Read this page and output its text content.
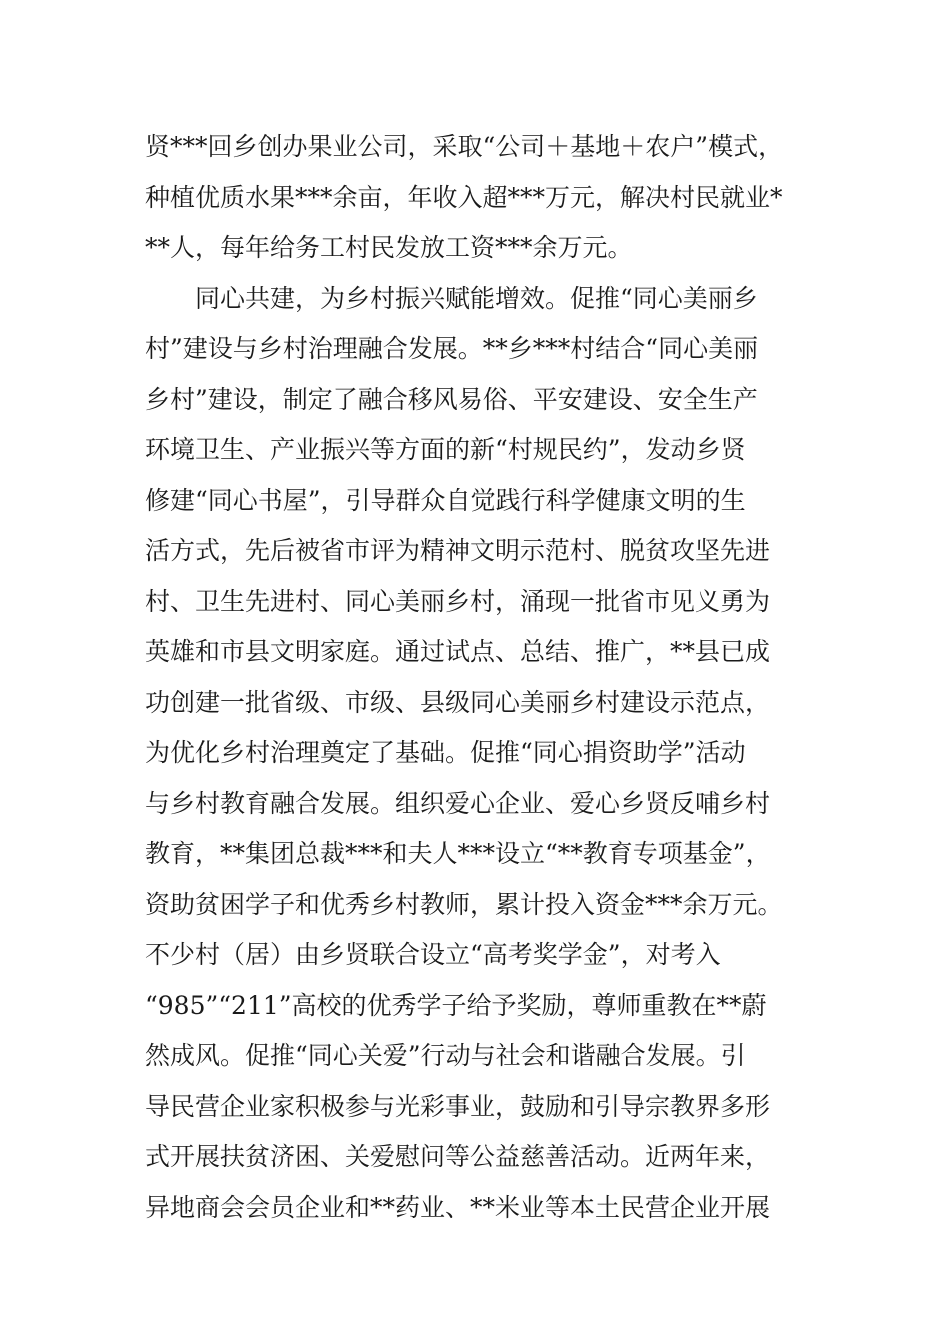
贤***回乡创办果业公司，采取“公司＋基地＋农户”模式，
种植优质水果***余亩，年收入超***万元，解决村民就业*
**人，每年给务工村民发放工资***余万元。
同心共建，为乡村振兴赋能增效。促推“同心美丽乡
村”建设与乡村治理融合发展。**乡***村结合“同心美丽
乡村”建设，制定了融合移风易俗、平安建设、安全生产
环境卫生、产业振兴等方面的新“村规民约”，发动乡贤
修建“同心书屋”，引导群众自觉践行科学健康文明的生
活方式，先后被省市评为精神文明示范村、脱贫攻坚先进
村、卫生先进村、同心美丽乡村，涌现一批省市见义勇为
英雄和市县文明家庭。通过试点、总结、推广，**县已成
功创建一批省级、市级、县级同心美丽乡村建设示范点，
为优化乡村治理奠定了基础。促推“同心捐资助学”活动
与乡村教育融合发展。组织爱心企业、爱心乡贤反哺乡村
教育，**集团总裁***和夫人***设立“**教育专项基金”，
资助贫困学子和优秀乡村教师，累计投入资金***余万元。
不少村（居）由乡贤联合设立“高考奖学金”，对考入
“985”“211”高校的优秀学子给予奖励，尊师重教在**蔚
然成风。促推“同心关爱”行动与社会和谐融合发展。引
导民营企业家积极参与光彩事业，鼓励和引导宗教界多形
式开展扶贫济困、关爱慰问等公益慈善活动。近两年来，
异地商会会员企业和**药业、**米业等本土民营企业开展
